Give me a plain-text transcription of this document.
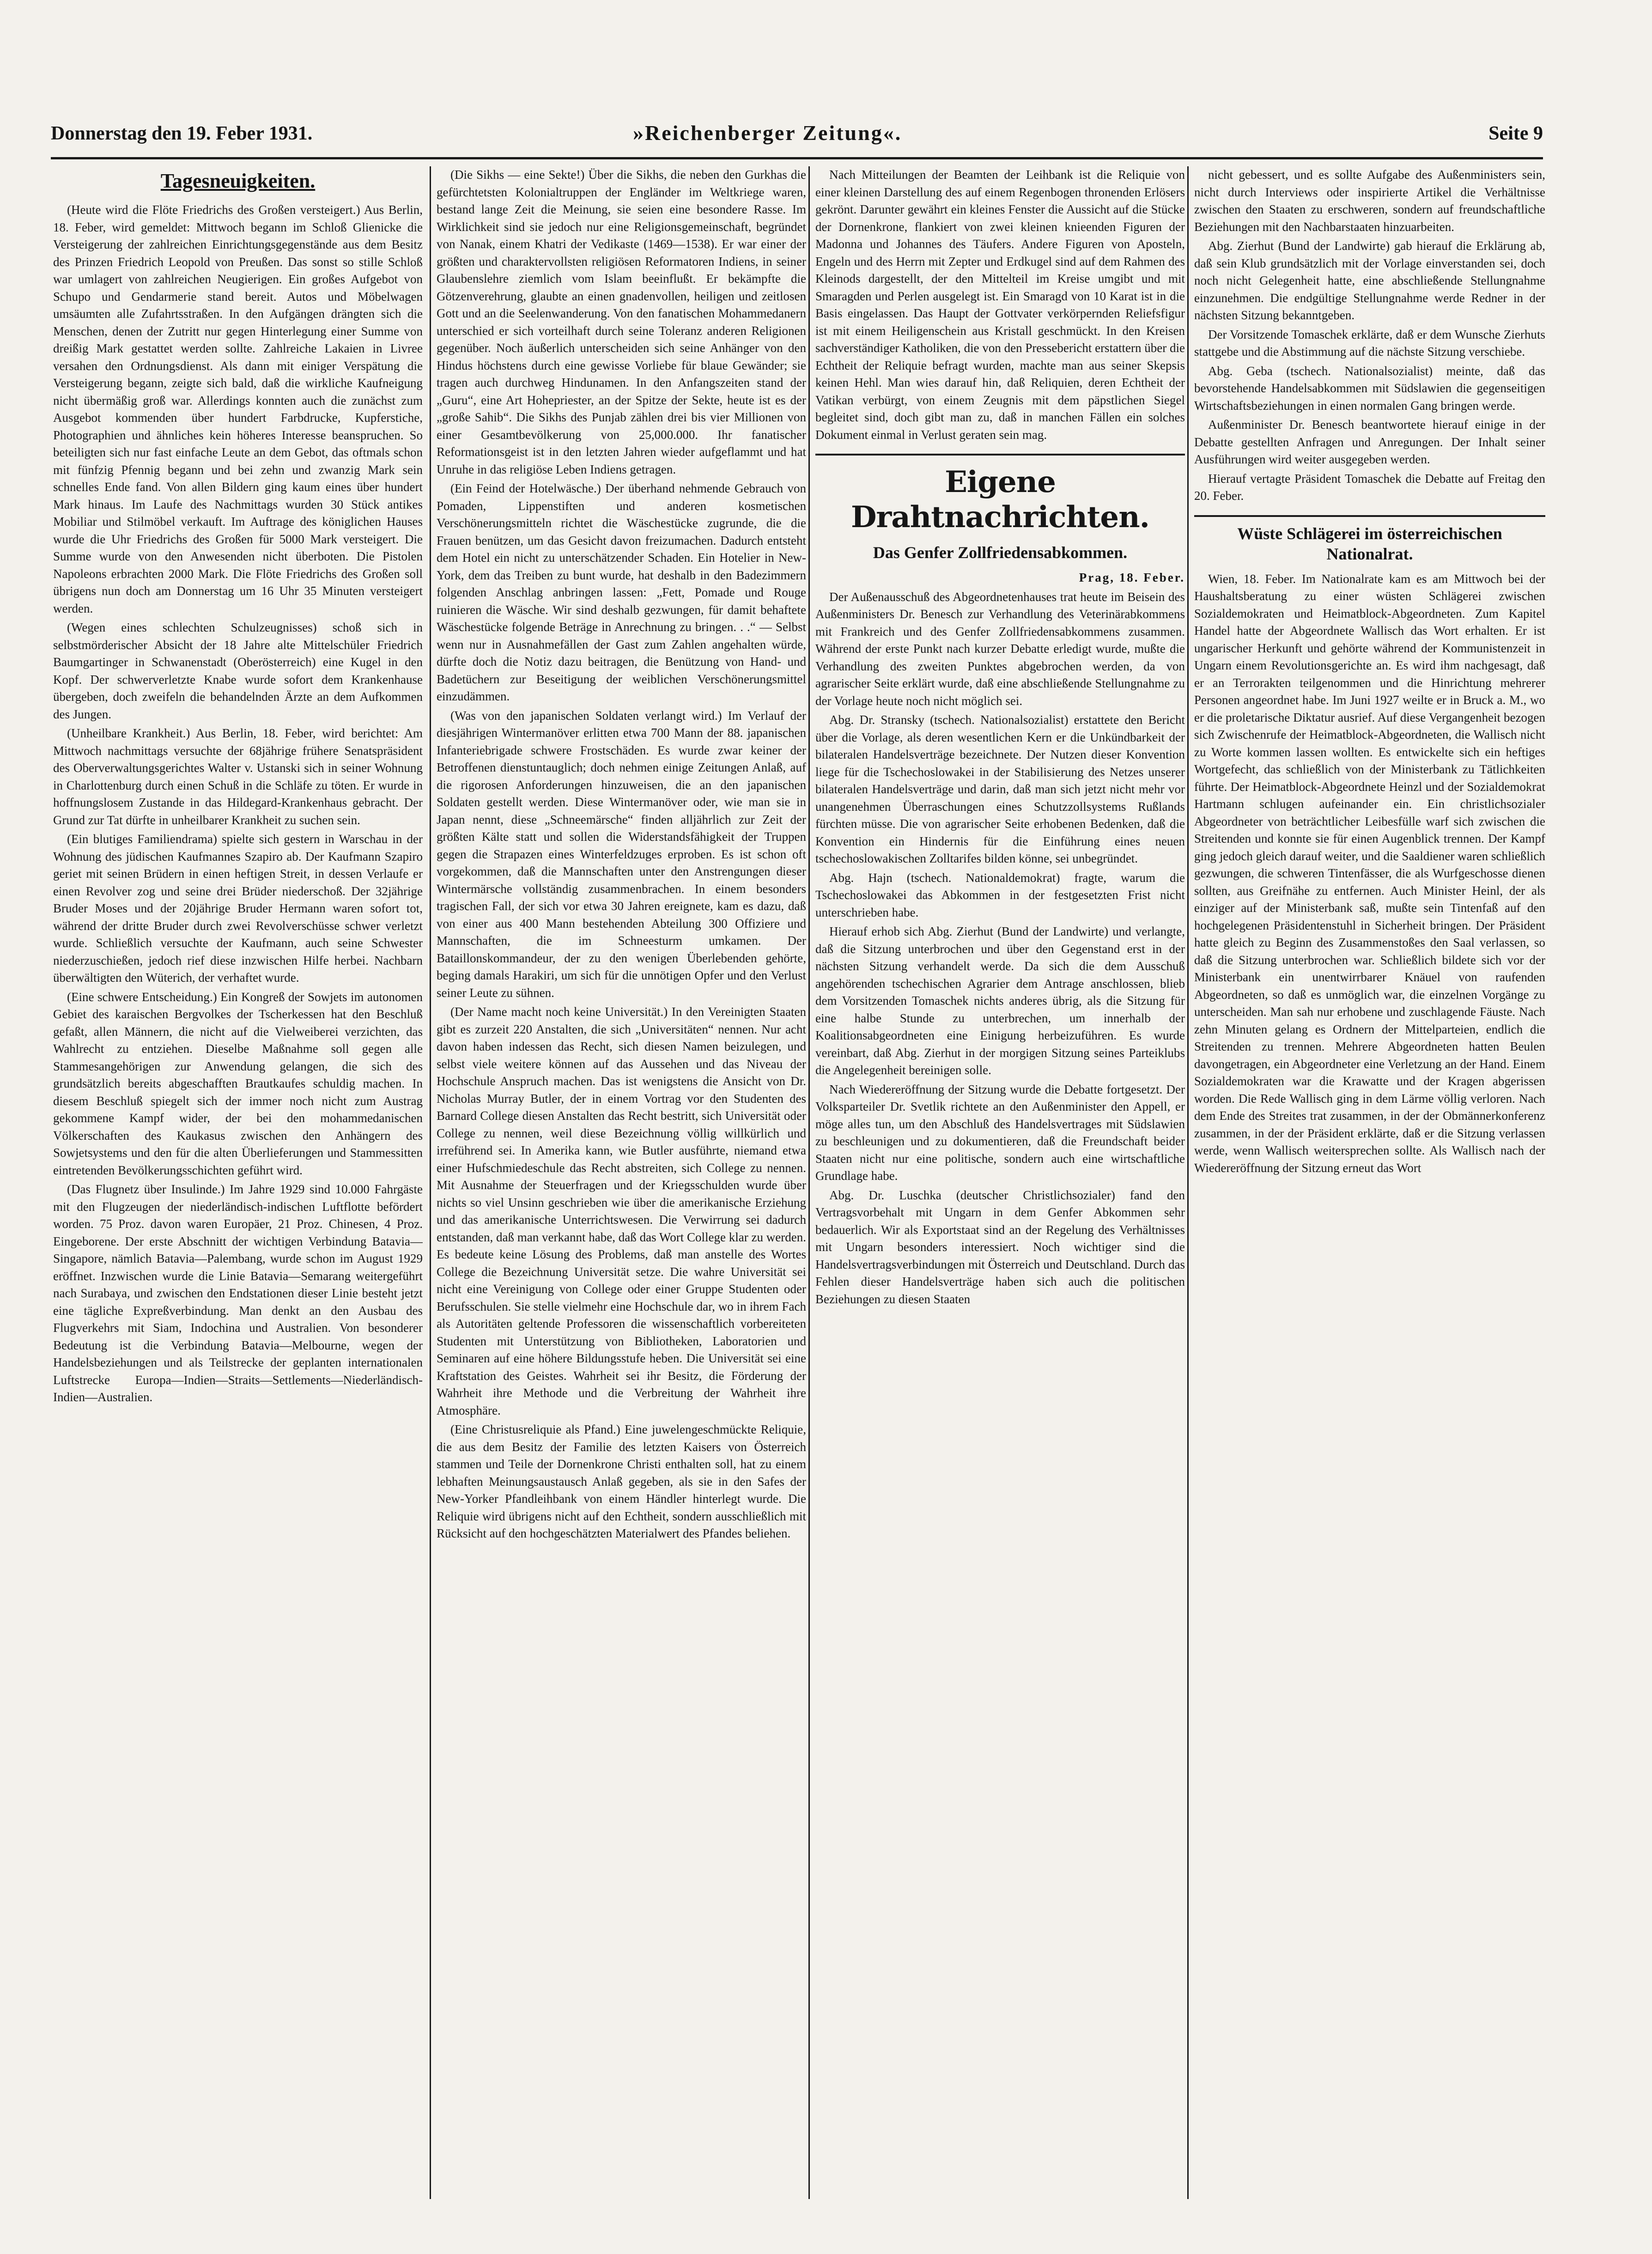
Donnerstag den 19. Feber 1931.	»Reichenberger Zeitung«.	Seite 9
Tagesneuigkeiten.

(Heute wird die Flöte Friedrichs des Großen versteigert.) Aus Berlin, 18. Feber, wird gemeldet: Mittwoch begann im Schloß Glienicke die Versteigerung der zahlreichen Einrichtungsgegenstände aus dem Besitz des Prinzen Friedrich Leopold von Preußen. Das sonst so stille Schloß war umlagert von zahlreichen Neugierigen. Ein großes Aufgebot von Schupo und Gendarmerie stand bereit. Autos und Möbelwagen umsäumten alle Zufahrtsstraßen. In den Aufgängen drängten sich die Menschen, denen der Zutritt nur gegen Hinterlegung einer Summe von dreißig Mark gestattet werden sollte. Zahlreiche Lakaien in Livree versahen den Ordnungsdienst. Als dann mit einiger Verspätung die Versteigerung begann, zeigte sich bald, daß die wirkliche Kaufneigung nicht übermäßig groß war. Allerdings konnten auch die zunächst zum Ausgebot kommenden über hundert Farbdrucke, Kupferstiche, Photographien und ähnliches kein höheres Interesse beanspruchen. So beteiligten sich nur fast einfache Leute an dem Gebot, das oftmals schon mit fünfzig Pfennig begann und bei zehn und zwanzig Mark sein schnelles Ende fand. Von allen Bildern ging kaum eines über hundert Mark hinaus. Im Laufe des Nachmittags wurden 30 Stück antikes Mobiliar und Stilmöbel verkauft. Im Auftrage des königlichen Hauses wurde die Uhr Friedrichs des Großen für 5000 Mark versteigert. Die Summe wurde von den Anwesenden nicht überboten. Die Pistolen Napoleons erbrachten 2000 Mark. Die Flöte Friedrichs des Großen soll übrigens nun doch am Donnerstag um 16 Uhr 35 Minuten versteigert werden.

(Wegen eines schlechten Schulzeugnisses) schoß sich in selbstmörderischer Absicht der 18 Jahre alte Mittelschüler Friedrich Baumgartinger in Schwanenstadt (Oberösterreich) eine Kugel in den Kopf. Der schwerverletzte Knabe wurde sofort dem Krankenhause übergeben, doch zweifeln die behandelnden Ärzte an dem Aufkommen des Jungen.

(Unheilbare Krankheit.) Aus Berlin, 18. Feber, wird berichtet: Am Mittwoch nachmittags versuchte der 68jährige frühere Senatspräsident des Oberverwaltungsgerichtes Walter v. Ustanski sich in seiner Wohnung in Charlottenburg durch einen Schuß in die Schläfe zu töten. Er wurde in hoffnungslosem Zustande in das Hildegard-Krankenhaus gebracht. Der Grund zur Tat dürfte in unheilbarer Krankheit zu suchen sein.

(Ein blutiges Familiendrama) spielte sich gestern in Warschau in der Wohnung des jüdischen Kaufmannes Szapiro ab. Der Kaufmann Szapiro geriet mit seinen Brüdern in einen heftigen Streit, in dessen Verlaufe er einen Revolver zog und seine drei Brüder niederschoß. Der 32jährige Bruder Moses und der 20jährige Bruder Hermann waren sofort tot, während der dritte Bruder durch zwei Revolverschüsse schwer verletzt wurde. Schließlich versuchte der Kaufmann, auch seine Schwester niederzuschießen, jedoch rief diese inzwischen Hilfe herbei. Nachbarn überwältigten den Wüterich, der verhaftet wurde.

(Eine schwere Entscheidung.) Ein Kongreß der Sowjets im autonomen Gebiet des karaischen Bergvolkes der Tscherkessen hat den Beschluß gefaßt, allen Männern, die nicht auf die Vielweiberei verzichten, das Wahlrecht zu entziehen. Dieselbe Maßnahme soll gegen alle Stammesangehörigen zur Anwendung gelangen, die sich des grundsätzlich bereits abgeschafften Brautkaufes schuldig machen. In diesem Beschluß spiegelt sich der immer noch nicht zum Austrag gekommene Kampf wider, der bei den mohammedanischen Völkerschaften des Kaukasus zwischen den Anhängern des Sowjetsystems und den für die alten Überlieferungen und Stammessitten eintretenden Bevölkerungsschichten geführt wird.

(Das Flugnetz über Insulinde.) Im Jahre 1929 sind 10.000 Fahrgäste mit den Flugzeugen der niederländisch-indischen Luftflotte befördert worden. 75 Proz. davon waren Europäer, 21 Proz. Chinesen, 4 Proz. Eingeborene. Der erste Abschnitt der wichtigen Verbindung Batavia—Singapore, nämlich Batavia—Palembang, wurde schon im August 1929 eröffnet. Inzwischen wurde die Linie Batavia—Semarang weitergeführt nach Surabaya, und zwischen den Endstationen dieser Linie besteht jetzt eine tägliche Expreßverbindung. Man denkt an den Ausbau des Flugverkehrs mit Siam, Indochina und Australien. Von besonderer Bedeutung ist die Verbindung Batavia—Melbourne, wegen der Handelsbeziehungen und als Teilstrecke der geplanten internationalen Luftstrecke Europa—Indien—Straits—Settlements—Niederländisch-Indien—Australien.

(Die Sikhs — eine Sekte!) Über die Sikhs, die neben den Gurkhas die gefürchtetsten Kolonialtruppen der Engländer im Weltkriege waren, bestand lange Zeit die Meinung, sie seien eine besondere Rasse. Im Wirklichkeit sind sie jedoch nur eine Religionsgemeinschaft, begründet von Nanak, einem Khatri der Vedikaste (1469—1538). Er war einer der größten und charaktervollsten religiösen Reformatoren Indiens, in seiner Glaubenslehre ziemlich vom Islam beeinflußt. Er bekämpfte die Götzenverehrung, glaubte an einen gnadenvollen, heiligen und zeitlosen Gott und an die Seelenwanderung. Von den fanatischen Mohammedanern unterschied er sich vorteilhaft durch seine Toleranz anderen Religionen gegenüber. Noch äußerlich unterscheiden sich seine Anhänger von den Hindus höchstens durch eine gewisse Vorliebe für blaue Gewänder; sie tragen auch durchweg Hindunamen. In den Anfangszeiten stand der „Guru“, eine Art Hohepriester, an der Spitze der Sekte, heute ist es der „große Sahib“. Die Sikhs des Punjab zählen drei bis vier Millionen von einer Gesamtbevölkerung von 25,000.000. Ihr fanatischer Reformationsgeist ist in den letzten Jahren wieder aufgeflammt und hat Unruhe in das religiöse Leben Indiens getragen.

(Ein Feind der Hotelwäsche.) Der überhand nehmende Gebrauch von Pomaden, Lippenstiften und anderen kosmetischen Verschönerungsmitteln richtet die Wäschestücke zugrunde, die die Frauen benützen, um das Gesicht davon freizumachen. Dadurch entsteht dem Hotel ein nicht zu unterschätzender Schaden. Ein Hotelier in New-York, dem das Treiben zu bunt wurde, hat deshalb in den Badezimmern folgenden Anschlag anbringen lassen: „Fett, Pomade und Rouge ruinieren die Wäsche. Wir sind deshalb gezwungen, für damit behaftete Wäschestücke folgende Beträge in Anrechnung zu bringen. . .“ — Selbst wenn nur in Ausnahmefällen der Gast zum Zahlen angehalten würde, dürfte doch die Notiz dazu beitragen, die Benützung von Hand- und Badetüchern zur Beseitigung der weiblichen Verschönerungsmittel einzudämmen.

(Was von den japanischen Soldaten verlangt wird.) Im Verlauf der diesjährigen Wintermanöver erlitten etwa 700 Mann der 88. japanischen Infanteriebrigade schwere Frostschäden. Es wurde zwar keiner der Betroffenen dienstuntauglich; doch nehmen einige Zeitungen Anlaß, auf die rigorosen Anforderungen hinzuweisen, die an den japanischen Soldaten gestellt werden. Diese Wintermanöver oder, wie man sie in Japan nennt, diese „Schneemärsche“ finden alljährlich zur Zeit der größten Kälte statt und sollen die Widerstandsfähigkeit der Truppen gegen die Strapazen eines Winterfeldzuges erproben. Es ist schon oft vorgekommen, daß die Mannschaften unter den Anstrengungen dieser Wintermärsche vollständig zusammenbrachen. In einem besonders tragischen Fall, der sich vor etwa 30 Jahren ereignete, kam es dazu, daß von einer aus 400 Mann bestehenden Abteilung 300 Offiziere und Mannschaften, die im Schneesturm umkamen. Der Bataillonskommandeur, der zu den wenigen Überlebenden gehörte, beging damals Harakiri, um sich für die unnötigen Opfer und den Verlust seiner Leute zu sühnen.

(Der Name macht noch keine Universität.) In den Vereinigten Staaten gibt es zurzeit 220 Anstalten, die sich „Universitäten“ nennen. Nur acht davon haben indessen das Recht, sich diesen Namen beizulegen, und selbst viele weitere können auf das Aussehen und das Niveau der Hochschule Anspruch machen. Das ist wenigstens die Ansicht von Dr. Nicholas Murray Butler, der in einem Vortrag vor den Studenten des Barnard College diesen Anstalten das Recht bestritt, sich Universität oder College zu nennen, weil diese Bezeichnung völlig willkürlich und irreführend sei. In Amerika kann, wie Butler ausführte, niemand etwa einer Hufschmiedeschule das Recht abstreiten, sich College zu nennen. Mit Ausnahme der Steuerfragen und der Kriegsschulden wurde über nichts so viel Unsinn geschrieben wie über die amerikanische Erziehung und das amerikanische Unterrichtswesen. Die Verwirrung sei dadurch entstanden, daß man verkannt habe, daß das Wort College klar zu werden. Es bedeute keine Lösung des Problems, daß man anstelle des Wortes College die Bezeichnung Universität setze. Die wahre Universität sei nicht eine Vereinigung von College oder einer Gruppe Studenten oder Berufsschulen. Sie stelle vielmehr eine Hochschule dar, wo in ihrem Fach als Autoritäten geltende Professoren die wissenschaftlich vorbereiteten Studenten mit Unterstützung von Bibliotheken, Laboratorien und Seminaren auf eine höhere Bildungsstufe heben. Die Universität sei eine Kraftstation des Geistes. Wahrheit sei ihr Besitz, die Förderung der Wahrheit ihre Methode und die Verbreitung der Wahrheit ihre Atmosphäre.

(Eine Christusreliquie als Pfand.) Eine juwelengeschmückte Reliquie, die aus dem Besitz der Familie des letzten Kaisers von Österreich stammen und Teile der Dornenkrone Christi enthalten soll, hat zu einem lebhaften Meinungsaustausch Anlaß gegeben, als sie in den Safes der New-Yorker Pfandleihbank von einem Händler hinterlegt wurde. Die Reliquie wird übrigens nicht auf den Echtheit, sondern ausschließlich mit Rücksicht auf den hochgeschätzten Materialwert des Pfandes beliehen.

Nach Mitteilungen der Beamten der Leihbank ist die Reliquie von einer kleinen Darstellung des auf einem Regenbogen thronenden Erlösers gekrönt. Darunter gewährt ein kleines Fenster die Aussicht auf die Stücke der Dornenkrone, flankiert von zwei kleinen knieenden Figuren der Madonna und Johannes des Täufers. Andere Figuren von Aposteln, Engeln und des Herrn mit Zepter und Erdkugel sind auf dem Rahmen des Kleinods dargestellt, der den Mittelteil im Kreise umgibt und mit Smaragden und Perlen ausgelegt ist. Ein Smaragd von 10 Karat ist in die Basis eingelassen. Das Haupt der Gottvater verkörpernden Reliefsfigur ist mit einem Heiligenschein aus Kristall geschmückt. In den Kreisen sachverständiger Katholiken, die von den Pressebericht erstattern über die Echtheit der Reliquie befragt wurden, machte man aus seiner Skepsis keinen Hehl. Man wies darauf hin, daß Reliquien, deren Echtheit der Vatikan verbürgt, von einem Zeugnis mit dem päpstlichen Siegel begleitet sind, doch gibt man zu, daß in manchen Fällen ein solches Dokument einmal in Verlust geraten sein mag.

Eigene Drahtnachrichten.
Das Genfer Zollfriedensabkommen.

Prag, 18. Feber.

Der Außenausschuß des Abgeordnetenhauses trat heute im Beisein des Außenministers Dr. Benesch zur Verhandlung des Veterinärabkommens mit Frankreich und des Genfer Zollfriedensabkommens zusammen. Während der erste Punkt nach kurzer Debatte erledigt wurde, mußte die Verhandlung des zweiten Punktes abgebrochen werden, da von agrarischer Seite erklärt wurde, daß eine abschließende Stellungnahme zu der Vorlage heute noch nicht möglich sei.

Abg. Dr. Stransky (tschech. Nationalsozialist) erstattete den Bericht über die Vorlage, als deren wesentlichen Kern er die Unkündbarkeit der bilateralen Handelsverträge bezeichnete. Der Nutzen dieser Konvention liege für die Tschechoslowakei in der Stabilisierung des Netzes unserer bilateralen Handelsverträge und darin, daß man sich jetzt nicht mehr vor unangenehmen Überraschungen eines Schutzzollsystems Rußlands fürchten müsse. Die von agrarischer Seite erhobenen Bedenken, daß die Konvention ein Hindernis für die Einführung eines neuen tschechoslowakischen Zolltarifes bilden könne, sei unbegründet.

Abg. Hajn (tschech. Nationaldemokrat) fragte, warum die Tschechoslowakei das Abkommen in der festgesetzten Frist nicht unterschrieben habe.

Hierauf erhob sich Abg. Zierhut (Bund der Landwirte) und verlangte, daß die Sitzung unterbrochen und über den Gegenstand erst in der nächsten Sitzung verhandelt werde. Da sich die dem Ausschuß angehörenden tschechischen Agrarier dem Antrage anschlossen, blieb dem Vorsitzenden Tomaschek nichts anderes übrig, als die Sitzung für eine halbe Stunde zu unterbrechen, um innerhalb der Koalitionsabgeordneten eine Einigung herbeizuführen. Es wurde vereinbart, daß Abg. Zierhut in der morgigen Sitzung seines Parteiklubs die Angelegenheit bereinigen solle.

Nach Wiedereröffnung der Sitzung wurde die Debatte fortgesetzt. Der Volksparteiler Dr. Svetlik richtete an den Außenminister den Appell, er möge alles tun, um den Abschluß des Handelsvertrages mit Südslawien zu beschleunigen und zu dokumentieren, daß die Freundschaft beider Staaten nicht nur eine politische, sondern auch eine wirtschaftliche Grundlage habe.

Abg. Dr. Luschka (deutscher Christlichsozialer) fand den Vertragsvorbehalt mit Ungarn in dem Genfer Abkommen sehr bedauerlich. Wir als Exportstaat sind an der Regelung des Verhältnisses mit Ungarn besonders interessiert. Noch wichtiger sind die Handelsvertragsverbindungen mit Österreich und Deutschland. Durch das Fehlen dieser Handelsverträge haben sich auch die politischen Beziehungen zu diesen Staaten

nicht gebessert, und es sollte Aufgabe des Außenministers sein, nicht durch Interviews oder inspirierte Artikel die Verhältnisse zwischen den Staaten zu erschweren, sondern auf freundschaftliche Beziehungen mit den Nachbarstaaten hinzuarbeiten.

Abg. Zierhut (Bund der Landwirte) gab hierauf die Erklärung ab, daß sein Klub grundsätzlich mit der Vorlage einverstanden sei, doch noch nicht Gelegenheit hatte, eine abschließende Stellungnahme einzunehmen. Die endgültige Stellungnahme werde Redner in der nächsten Sitzung bekanntgeben.

Der Vorsitzende Tomaschek erklärte, daß er dem Wunsche Zierhuts stattgebe und die Abstimmung auf die nächste Sitzung verschiebe.

Abg. Geba (tschech. Nationalsozialist) meinte, daß das bevorstehende Handelsabkommen mit Südslawien die gegenseitigen Wirtschaftsbeziehungen in einen normalen Gang bringen werde.

Außenminister Dr. Benesch beantwortete hierauf einige in der Debatte gestellten Anfragen und Anregungen. Der Inhalt seiner Ausführungen wird weiter ausgegeben werden.

Hierauf vertagte Präsident Tomaschek die Debatte auf Freitag den 20. Feber.

Wüste Schlägerei im österreichischen Nationalrat.

Wien, 18. Feber. Im Nationalrate kam es am Mittwoch bei der Haushaltsberatung zu einer wüsten Schlägerei zwischen Sozialdemokraten und Heimatblock-Abgeordneten. Zum Kapitel Handel hatte der Abgeordnete Wallisch das Wort erhalten. Er ist ungarischer Herkunft und gehörte während der Kommunistenzeit in Ungarn einem Revolutionsgerichte an. Es wird ihm nachgesagt, daß er an Terrorakten teilgenommen und die Hinrichtung mehrerer Personen angeordnet habe. Im Juni 1927 weilte er in Bruck a. M., wo er die proletarische Diktatur ausrief. Auf diese Vergangenheit bezogen sich Zwischenrufe der Heimatblock-Abgeordneten, die Wallisch nicht zu Worte kommen lassen wollten. Es entwickelte sich ein heftiges Wortgefecht, das schließlich von der Ministerbank zu Tätlichkeiten führte. Der Heimatblock-Abgeordnete Heinzl und der Sozialdemokrat Hartmann schlugen aufeinander ein. Ein christlichsozialer Abgeordneter von beträchtlicher Leibesfülle warf sich zwischen die Streitenden und konnte sie für einen Augenblick trennen. Der Kampf ging jedoch gleich darauf weiter, und die Saaldiener waren schließlich gezwungen, die schweren Tintenfässer, die als Wurfgeschosse dienen sollten, aus Greifnähe zu entfernen. Auch Minister Heinl, der als einziger auf der Ministerbank saß, mußte sein Tintenfaß auf den hochgelegenen Präsidentenstuhl in Sicherheit bringen. Der Präsident hatte gleich zu Beginn des Zusammenstoßes den Saal verlassen, so daß die Sitzung unterbrochen war. Schließlich bildete sich vor der Ministerbank ein unentwirrbarer Knäuel von raufenden Abgeordneten, so daß es unmöglich war, die einzelnen Vorgänge zu unterscheiden. Man sah nur erhobene und zuschlagende Fäuste. Nach zehn Minuten gelang es Ordnern der Mittelparteien, endlich die Streitenden zu trennen. Mehrere Abgeordneten hatten Beulen davongetragen, ein Abgeordneter eine Verletzung an der Hand. Einem Sozialdemokraten war die Krawatte und der Kragen abgerissen worden. Die Rede Wallisch ging in dem Lärme völlig verloren. Nach dem Ende des Streites trat zusammen, in der der Obmännerkonferenz zusammen, in der der Präsident erklärte, daß er die Sitzung verlassen werde, wenn Wallisch weitersprechen sollte. Als Wallisch nach der Wiedereröffnung der Sitzung erneut das Wort
